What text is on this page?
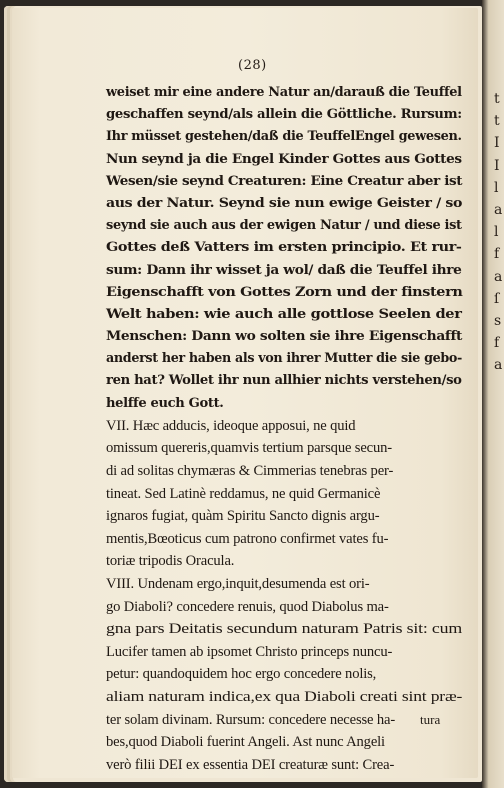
t
t
I
I
l
a
l
f
a
ſ
s
f
a
(28)
weiset mir eine andere Natur an/darauß die Teuffel
geschaffen seynd/als allein die Göttliche. Rursum:
Ihr müsset gestehen/daß die TeuffelEngel gewesen.
Nun seynd ja die Engel Kinder Gottes aus Gottes
Wesen/sie seynd Creaturen: Eine Creatur aber ist
aus der Natur. Seynd sie nun ewige Geister / so
seynd sie auch aus der ewigen Natur / und diese ist
Gottes deß Vatters im ersten principio. Et rur-
sum: Dann ihr wisset ja wol/ daß die Teuffel ihre
Eigenschafft von Gottes Zorn und der finstern
Welt haben: wie auch alle gottlose Seelen der
Menschen: Dann wo solten sie ihre Eigenschafft
anderst her haben als von ihrer Mutter die sie gebo-
ren hat? Wollet ihr nun allhier nichts verstehen/so
helffe euch Gott.
VII. Hæc adducis, ideoque apposui, ne quid
omissum quereris,quamvis tertium parsque secun-
di ad solitas chymæras & Cimmerias tenebras per-
tineat. Sed Latinè reddamus, ne quid Germanicè
ignaros fugiat, quàm Spiritu Sancto dignis argu-
mentis,Bœoticus cum patrono confirmet vates fu-
toriæ tripodis Oracula.
VIII. Undenam ergo,inquit,desumenda est ori-
go Diaboli? concedere renuis, quod Diabolus ma-
gna pars Deitatis secundum naturam Patris sit: cum
Lucifer tamen ab ipsomet Christo princeps nuncu-
petur: quandoquidem hoc ergo concedere nolis,
aliam naturam indica,ex qua Diaboli creati sint præ-
ter solam divinam. Rursum: concedere necesse ha-
bes,quod Diaboli fuerint Angeli. Ast nunc Angeli
verò filii DEI ex essentia DEI creaturæ sunt: Crea-
tura
